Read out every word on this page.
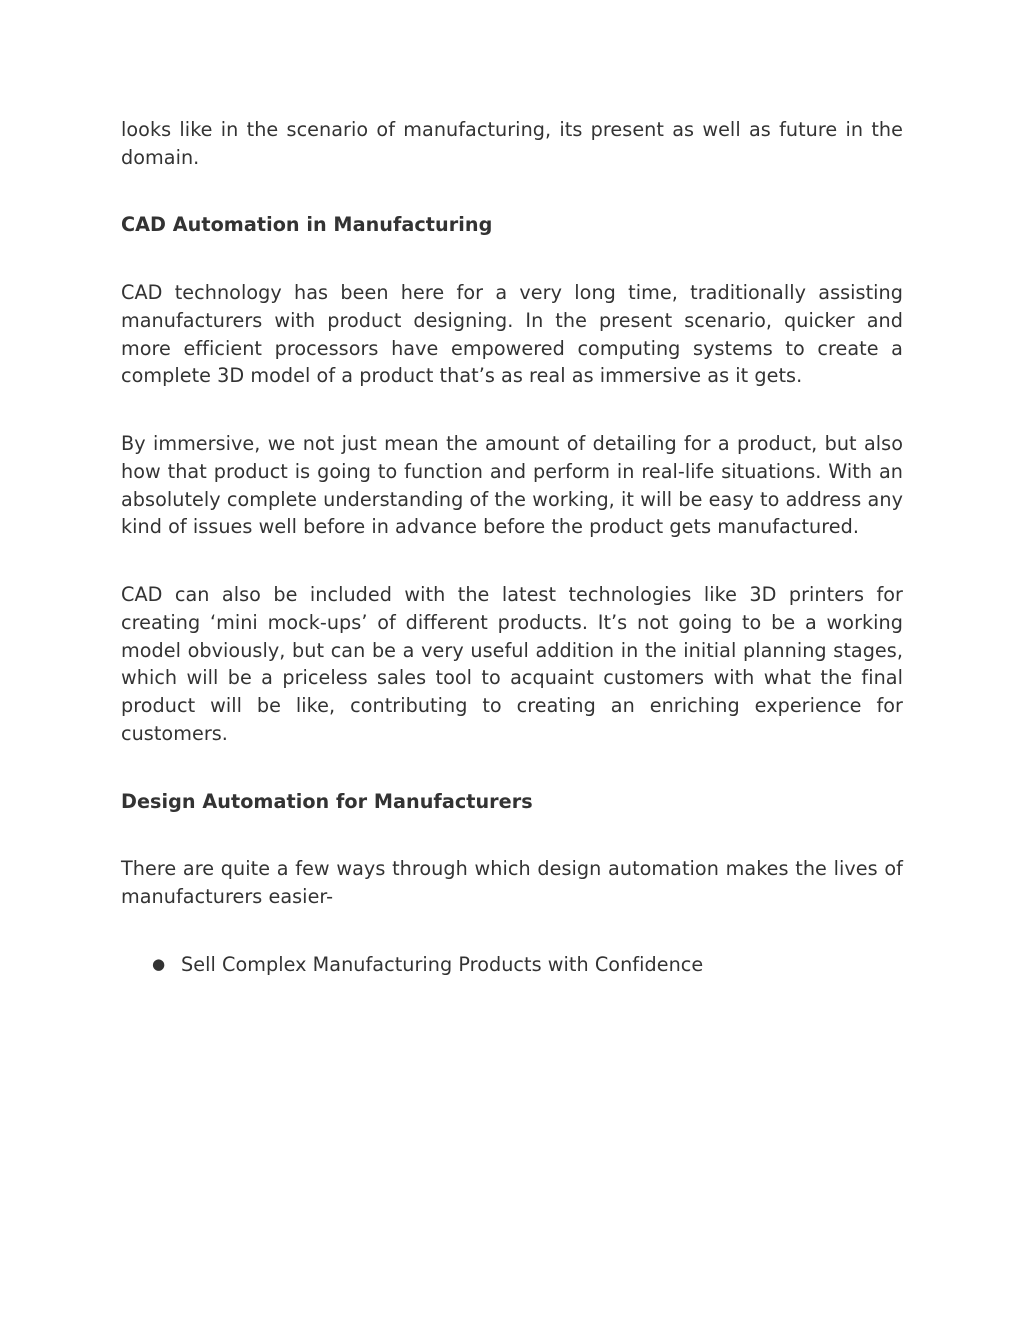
looks like in the scenario of manufacturing, its present as well as future in the domain.

CAD Automation in Manufacturing

CAD technology has been here for a very long time, traditionally assisting manufacturers with product designing. In the present scenario, quicker and more efficient processors have empowered computing systems to create a complete 3D model of a product that’s as real as immersive as it gets.

By immersive, we not just mean the amount of detailing for a product, but also how that product is going to function and perform in real-life situations. With an absolutely complete understanding of the working, it will be easy to address any kind of issues well before in advance before the product gets manufactured.

CAD can also be included with the latest technologies like 3D printers for creating ‘mini mock-ups’ of different products. It’s not going to be a working model obviously, but can be a very useful addition in the initial planning stages, which will be a priceless sales tool to acquaint customers with what the final product will be like, contributing to creating an enriching experience for customers.

Design Automation for Manufacturers

There are quite a few ways through which design automation makes the lives of manufacturers easier-

● Sell Complex Manufacturing Products with Confidence
